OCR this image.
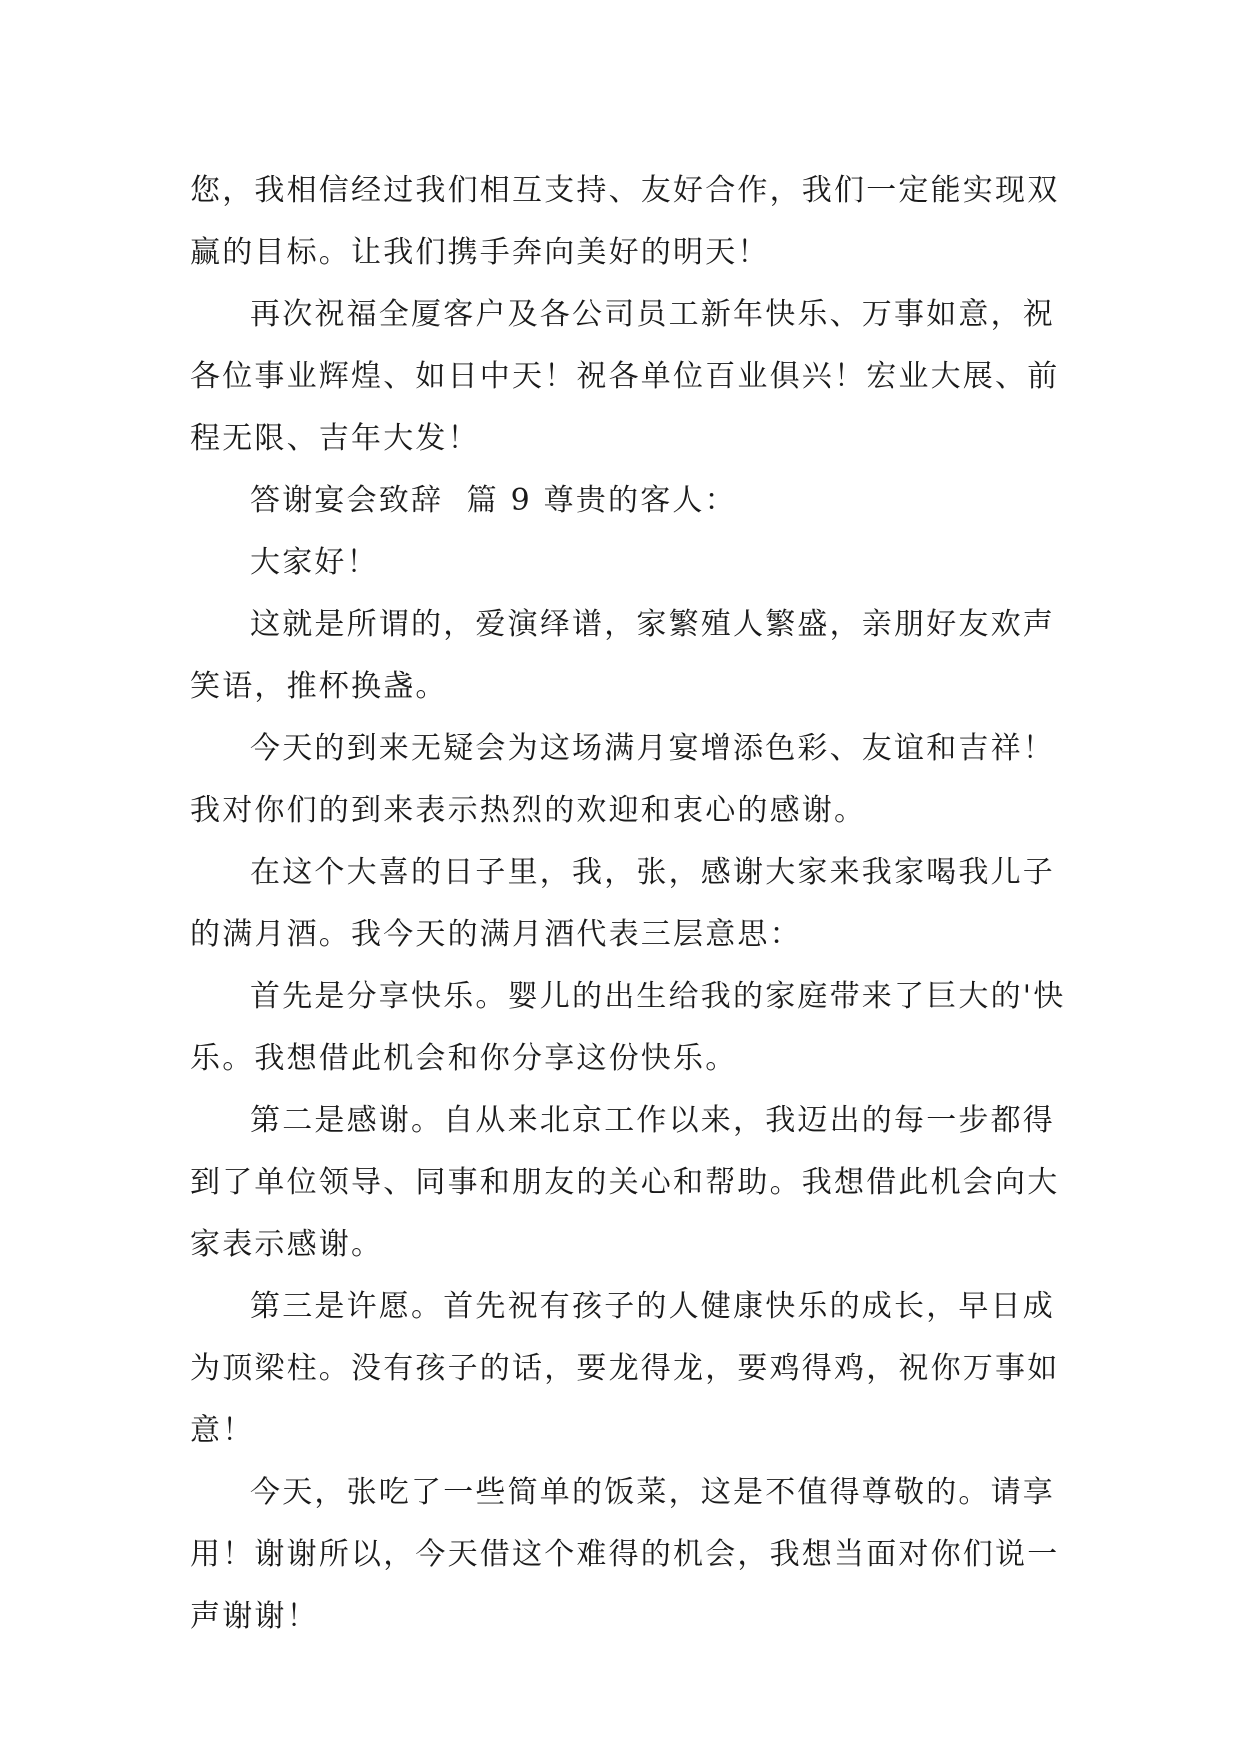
您，我相信经过我们相互支持、友好合作，我们一定能实现双赢的目标。让我们携手奔向美好的明天！

再次祝福全厦客户及各公司员工新年快乐、万事如意，祝各位事业辉煌、如日中天！祝各单位百业俱兴！宏业大展、前程无限、吉年大发！

答谢宴会致辞  篇 9 尊贵的客人：

大家好！

这就是所谓的，爱演绎谱，家繁殖人繁盛，亲朋好友欢声笑语，推杯换盏。

今天的到来无疑会为这场满月宴增添色彩、友谊和吉祥！我对你们的到来表示热烈的欢迎和衷心的感谢。

在这个大喜的日子里，我，张，感谢大家来我家喝我儿子的满月酒。我今天的满月酒代表三层意思：

首先是分享快乐。婴儿的出生给我的家庭带来了巨大的'快乐。我想借此机会和你分享这份快乐。

第二是感谢。自从来北京工作以来，我迈出的每一步都得到了单位领导、同事和朋友的关心和帮助。我想借此机会向大家表示感谢。

第三是许愿。首先祝有孩子的人健康快乐的成长，早日成为顶梁柱。没有孩子的话，要龙得龙，要鸡得鸡，祝你万事如意！

今天，张吃了一些简单的饭菜，这是不值得尊敬的。请享用！谢谢所以，今天借这个难得的机会，我想当面对你们说一声谢谢！
